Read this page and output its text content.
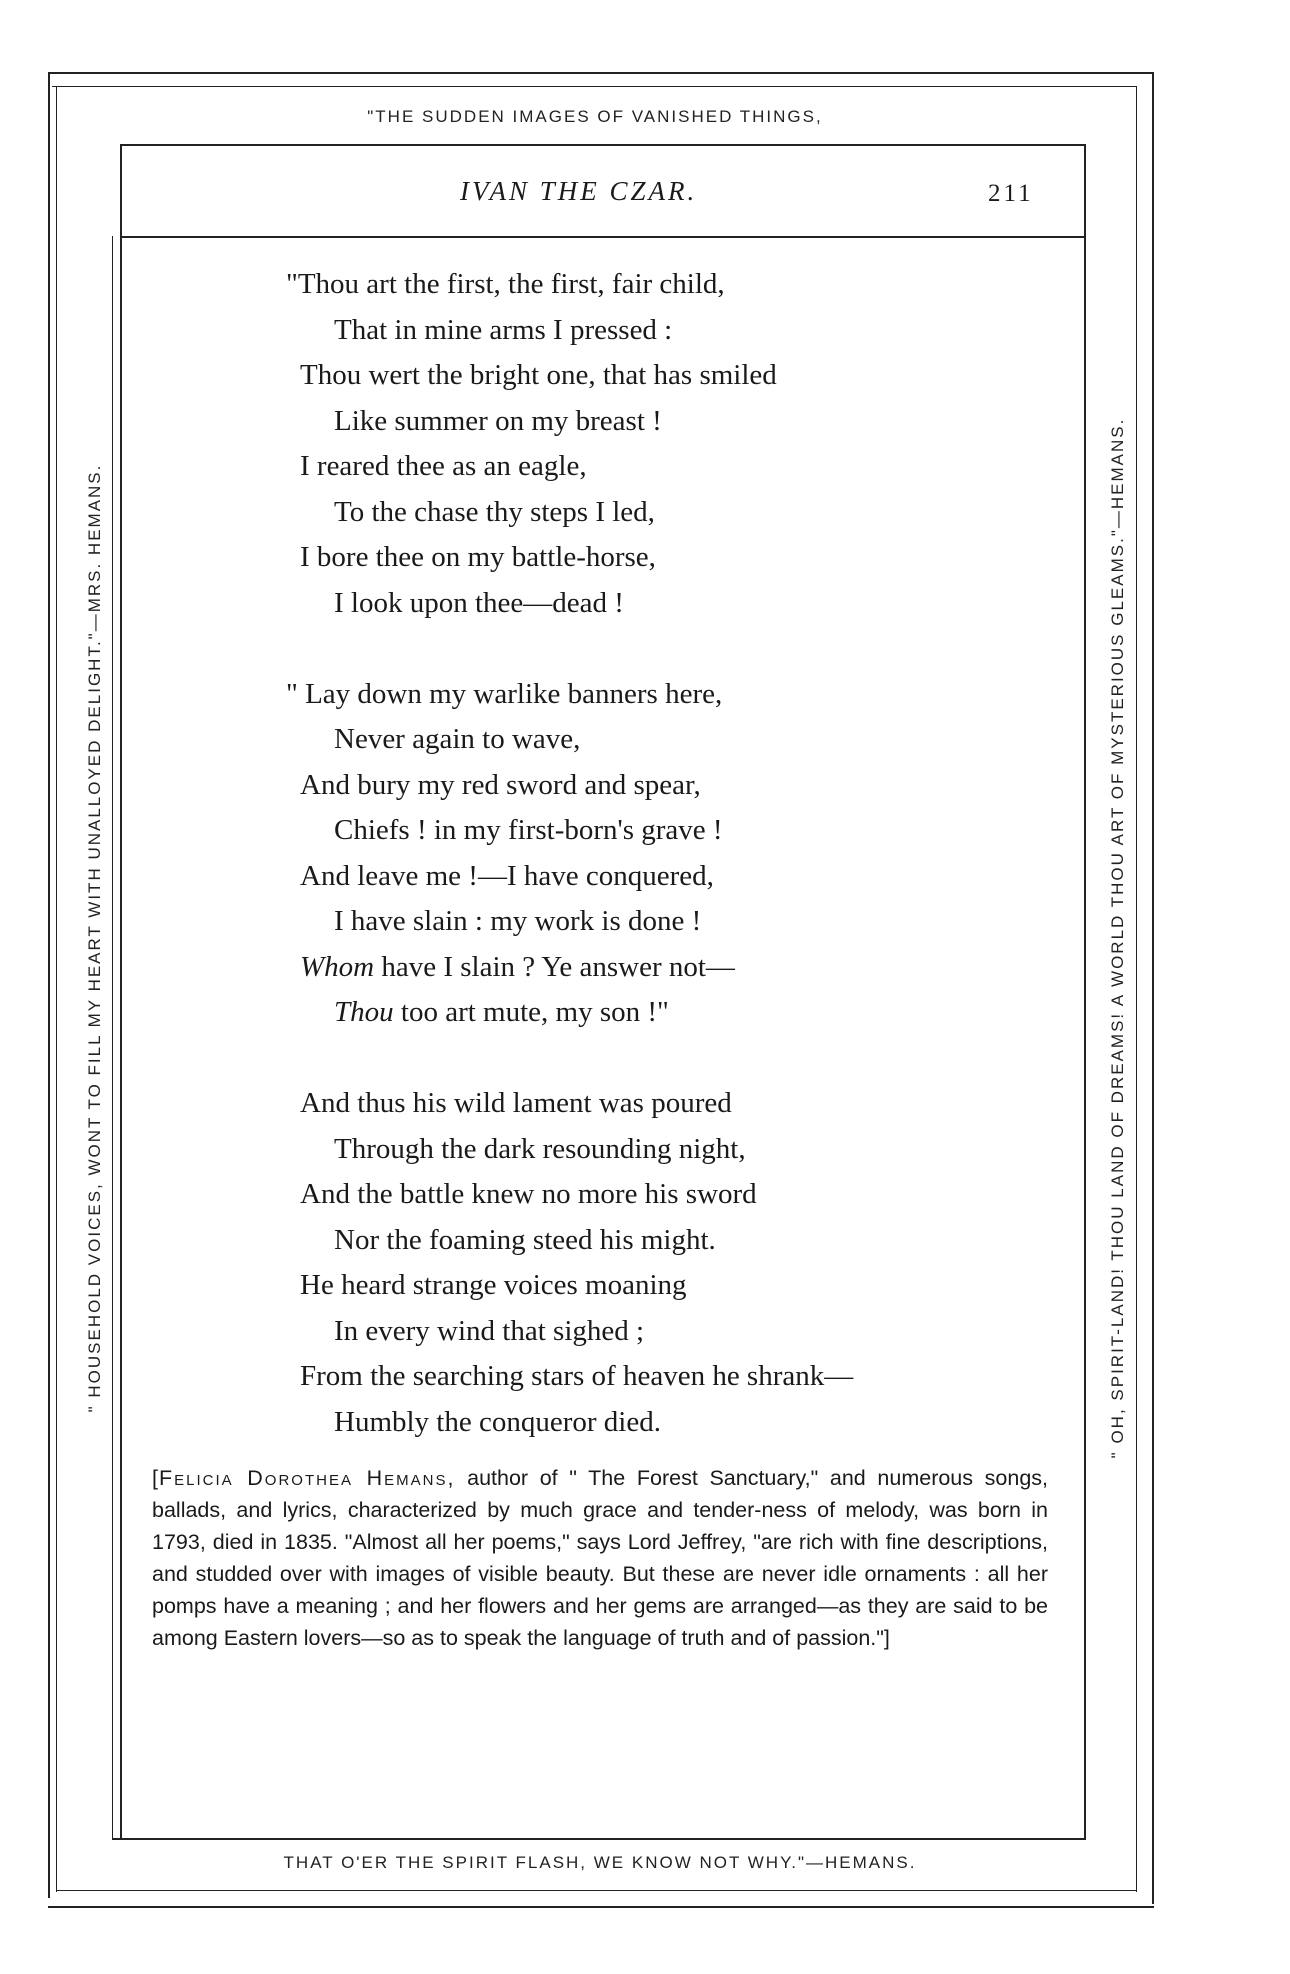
"THE SUDDEN IMAGES OF VANISHED THINGS,
THAT O'ER THE SPIRIT FLASH, WE KNOW NOT WHY."—HEMANS.
" HOUSEHOLD VOICES, WONT TO FILL MY HEART WITH UNALLOYED DELIGHT."—MRS. HEMANS.	" OH, SPIRIT-LAND! THOU LAND OF DREAMS! A WORLD THOU ART OF MYSTERIOUS GLEAMS."—HEMANS.
IVAN THE CZAR.	211
"Thou art the first, the first, fair child,
That in mine arms I pressed :
Thou wert the bright one, that has smiled
Like summer on my breast !
I reared thee as an eagle,
To the chase thy steps I led,
I bore thee on my battle-horse,
I look upon thee—dead !
" Lay down my warlike banners here,
Never again to wave,
And bury my red sword and spear,
Chiefs ! in my first-born's grave !
And leave me !—I have conquered,
I have slain : my work is done !
Whom have I slain ? Ye answer not—
Thou too art mute, my son !"
And thus his wild lament was poured
Through the dark resounding night,
And the battle knew no more his sword
Nor the foaming steed his might.
He heard strange voices moaning
In every wind that sighed ;
From the searching stars of heaven he shrank—
Humbly the conqueror died.
[Felicia Dorothea Hemans, author of " The Forest Sanctuary," and numerous songs, ballads, and lyrics, characterized by much grace and tender-ness of melody, was born in 1793, died in 1835. "Almost all her poems," says Lord Jeffrey, "are rich with fine descriptions, and studded over with images of visible beauty. But these are never idle ornaments : all her pomps have a meaning ; and her flowers and her gems are arranged—as they are said to be among Eastern lovers—so as to speak the language of truth and of passion."]
